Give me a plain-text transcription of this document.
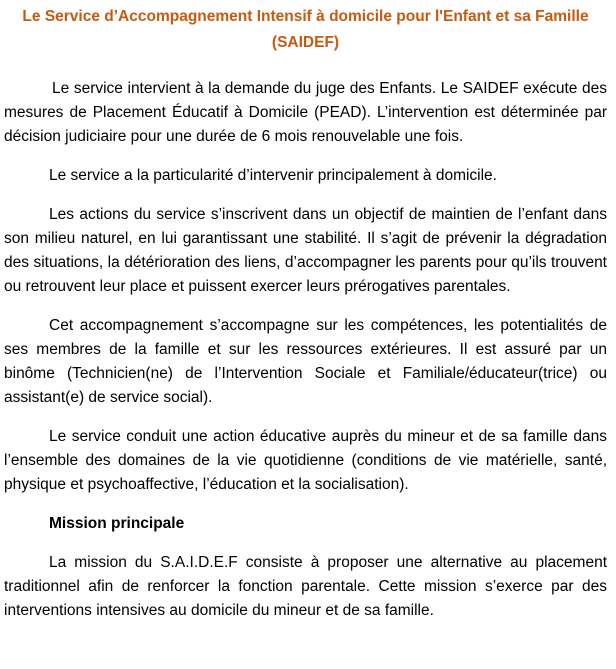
Le Service d’Accompagnement Intensif à domicile pour l'Enfant et sa Famille (SAIDEF)

Le service intervient à la demande du juge des Enfants. Le SAIDEF exécute des mesures de Placement Éducatif à Domicile (PEAD). L’intervention est déterminée par décision judiciaire pour une durée de 6 mois renouvelable une fois.

Le service a la particularité d’intervenir principalement à domicile.

Les actions du service s’inscrivent dans un objectif de maintien de l’enfant dans son milieu naturel, en lui garantissant une stabilité. Il s’agit de prévenir la dégradation des situations, la détérioration des liens, d’accompagner les parents pour qu’ils trouvent ou retrouvent leur place et puissent exercer leurs prérogatives parentales.

Cet accompagnement s’accompagne sur les compétences, les potentialités de ses membres de la famille et sur les ressources extérieures. Il est assuré par un binôme (Technicien(ne) de l’Intervention Sociale et Familiale/éducateur(trice) ou assistant(e) de service social).

Le service conduit une action éducative auprès du mineur et de sa famille dans l’ensemble des domaines de la vie quotidienne (conditions de vie matérielle, santé, physique et psychoaffective, l’éducation et la socialisation).

Mission principale

La mission du S.A.I.D.E.F consiste à proposer une alternative au placement traditionnel afin de renforcer la fonction parentale. Cette mission s’exerce par des interventions intensives au domicile du mineur et de sa famille.
